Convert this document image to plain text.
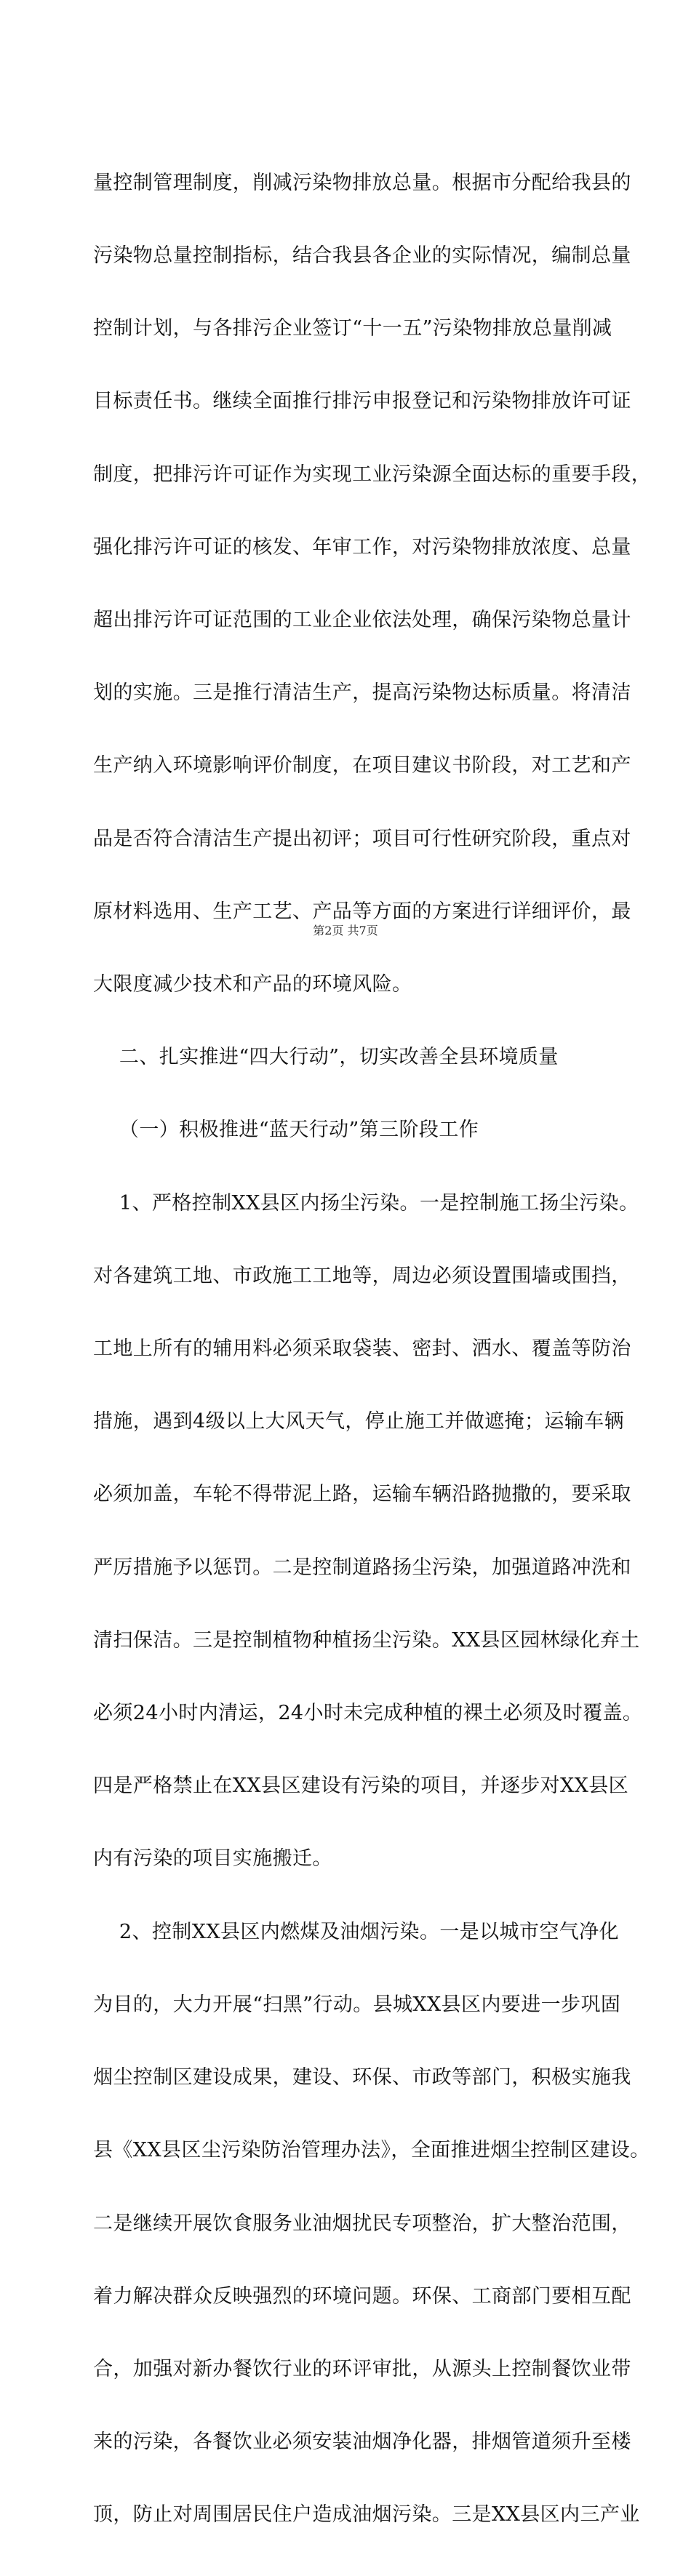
量控制管理制度，削减污染物排放总量。根据市分配给我县的

污染物总量控制指标，结合我县各企业的实际情况，编制总量

控制计划，与各排污企业签订“十一五”污染物排放总量削减

目标责任书。继续全面推行排污申报登记和污染物排放许可证

制度，把排污许可证作为实现工业污染源全面达标的重要手段，

强化排污许可证的核发、年审工作，对污染物排放浓度、总量

超出排污许可证范围的工业企业依法处理，确保污染物总量计

划的实施。三是推行清洁生产，提高污染物达标质量。将清洁

生产纳入环境影响评价制度，在项目建议书阶段，对工艺和产

品是否符合清洁生产提出初评；项目可行性研究阶段，重点对

原材料选用、生产工艺、产品等方面的方案进行详细评价，最

大限度减少技术和产品的环境风险。

二、扎实推进“四大行动”，切实改善全县环境质量

（一）积极推进“蓝天行动”第三阶段工作

1、严格控制XX县区内扬尘污染。一是控制施工扬尘污染。

对各建筑工地、市政施工工地等，周边必须设置围墙或围挡，

工地上所有的辅用料必须采取袋装、密封、洒水、覆盖等防治

措施，遇到4级以上大风天气，停止施工并做遮掩；运输车辆

必须加盖，车轮不得带泥上路，运输车辆沿路抛撒的，要采取

严厉措施予以惩罚。二是控制道路扬尘污染，加强道路冲洗和

清扫保洁。三是控制植物种植扬尘污染。XX县区园林绿化弃土

必须24小时内清运，24小时未完成种植的裸土必须及时覆盖。

四是严格禁止在XX县区建设有污染的项目，并逐步对XX县区

内有污染的项目实施搬迁。

2、控制XX县区内燃煤及油烟污染。一是以城市空气净化

为目的，大力开展“扫黑”行动。县城XX县区内要进一步巩固

烟尘控制区建设成果，建设、环保、市政等部门，积极实施我

县《XX县区尘污染防治管理办法》，全面推进烟尘控制区建设。

二是继续开展饮食服务业油烟扰民专项整治，扩大整治范围，

着力解决群众反映强烈的环境问题。环保、工商部门要相互配

合，加强对新办餐饮行业的环评审批，从源头上控制餐饮业带

来的污染，各餐饮业必须安装油烟净化器，排烟管道须升至楼

顶，防止对周围居民住户造成油烟污染。三是XX县区内三产业

第2页 共7页
